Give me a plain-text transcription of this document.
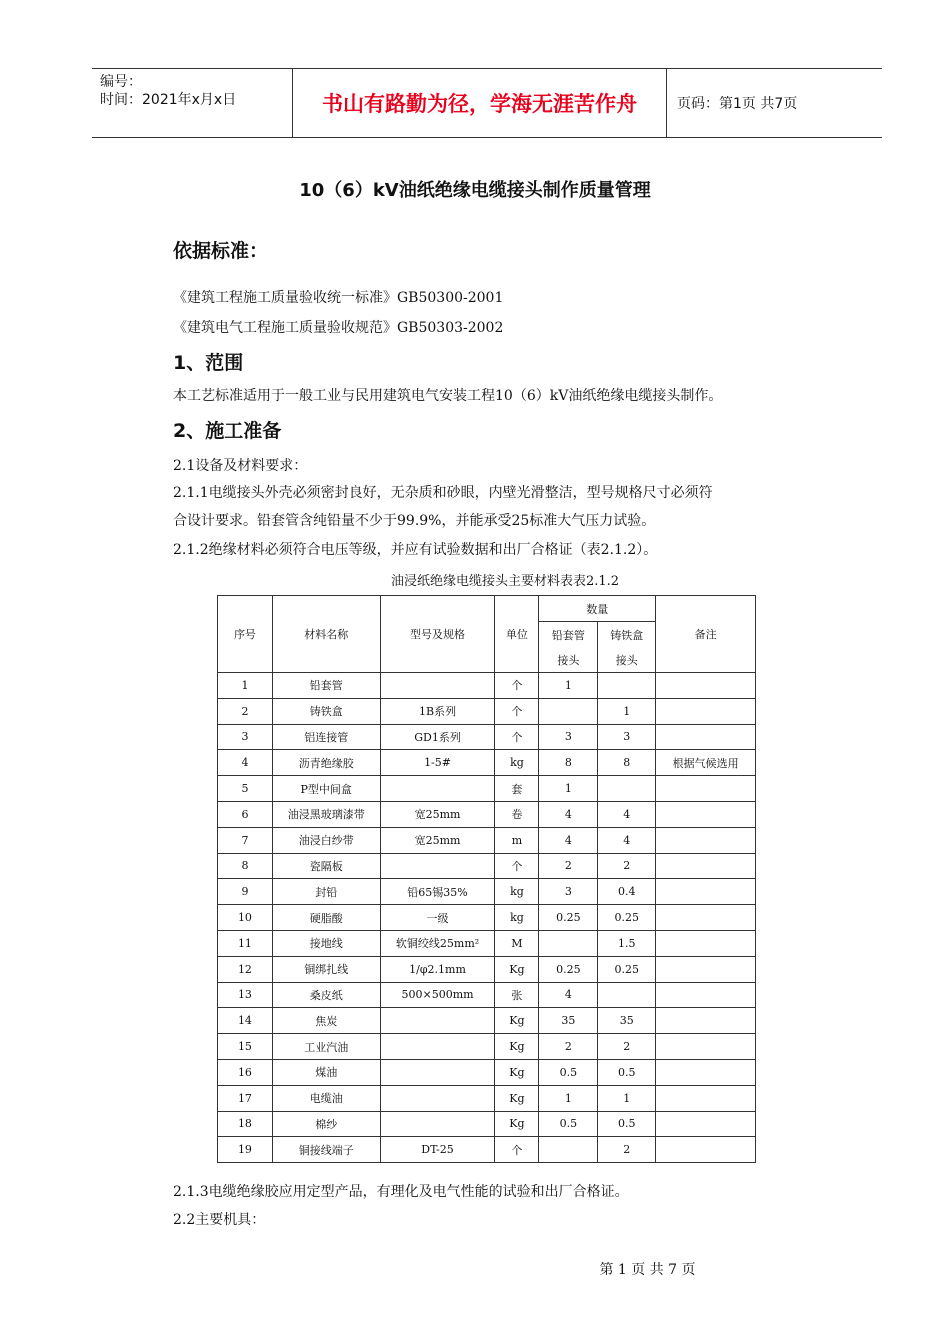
编号：
时间：2021年x月x日	书山有路勤为径，学海无涯苦作舟	页码：第1页 共7页
10（6）kV油纸绝缘电缆接头制作质量管理
依据标准：
《建筑工程施工质量验收统一标准》GB50300-2001
《建筑电气工程施工质量验收规范》GB50303-2002
1、范围
本工艺标准适用于一般工业与民用建筑电气安装工程10（6）kV油纸绝缘电缆接头制作。
2、施工准备
2.1设备及材料要求：
2.1.1电缆接头外壳必须密封良好，无杂质和砂眼，内壁光滑整洁，型号规格尺寸必须符
合设计要求。铅套管含纯铅量不少于99.9%，并能承受25标准大气压力试验。
2.1.2绝缘材料必须符合电压等级，并应有试验数据和出厂合格证（表2.1.2）。
油浸纸绝缘电缆接头主要材料表表2.1.2
序号	材料名称	型号及规格	单位	数量		备注
				铅套管	铸铁盒	
				接头	接头	
1	铅套管		个	1		
2	铸铁盒	1B系列	个		1	
3	铝连接管	GD1系列	个	3	3	
4	沥青绝缘胶	1-5#	kg	8	8	根据气候选用
5	P型中间盒		套	1		
6	油浸黑玻璃漆带	宽25mm	卷	4	4	
7	油浸白纱带	宽25mm	m	4	4	
8	瓷隔板		个	2	2	
9	封铅	铅65锡35%	kg	3	0.4	
10	硬脂酸	一级	kg	0.25	0.25	
11	接地线	软铜绞线25mm²	M		1.5	
12	铜绑扎线	1/φ2.1mm	Kg	0.25	0.25	
13	桑皮纸	500×500mm	张	4		
14	焦炭		Kg	35	35	
15	工业汽油		Kg	2	2	
16	煤油		Kg	0.5	0.5	
17	电缆油		Kg	1	1	
18	棉纱		Kg	0.5	0.5	
19	铜接线端子	DT-25	个		2	
2.1.3电缆绝缘胶应用定型产品，有理化及电气性能的试验和出厂合格证。
2.2主要机具：
第 1 页 共 7 页
